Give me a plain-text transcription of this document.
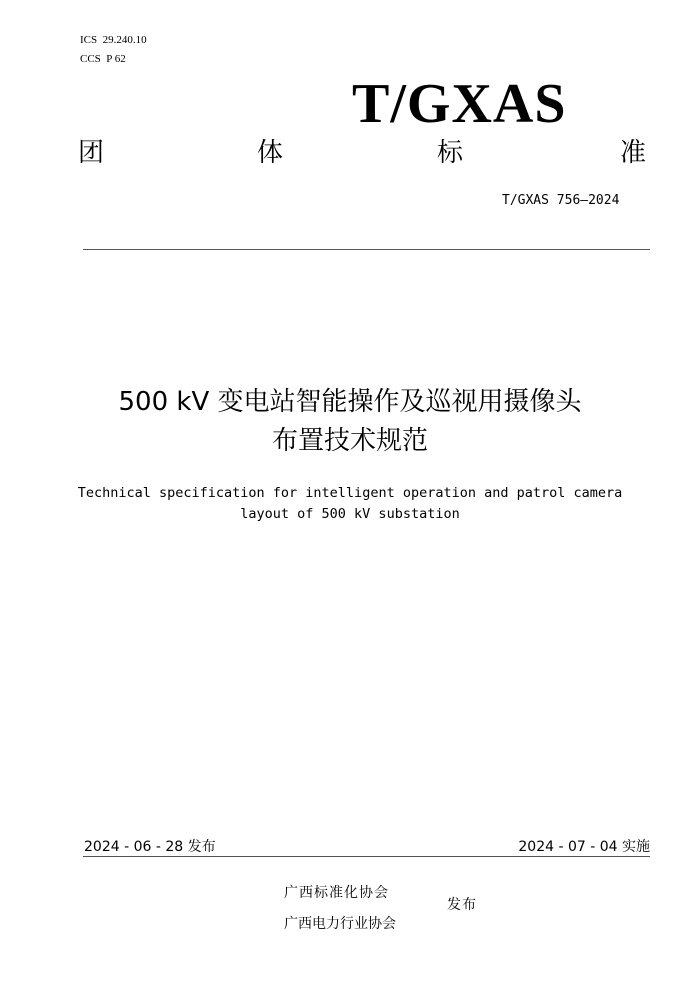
ICS 29.240.10
CCS P 62
T/GXAS
团	体	标	准
T/GXAS 756—2024
500 kV 变电站智能操作及巡视用摄像头
布置技术规范
Technical specification for intelligent operation and patrol camera
layout of 500 kV substation
2024 - 06 - 28 发布	2024 - 07 - 04 实施
广西标准化协会
广西电力行业协会
发布
